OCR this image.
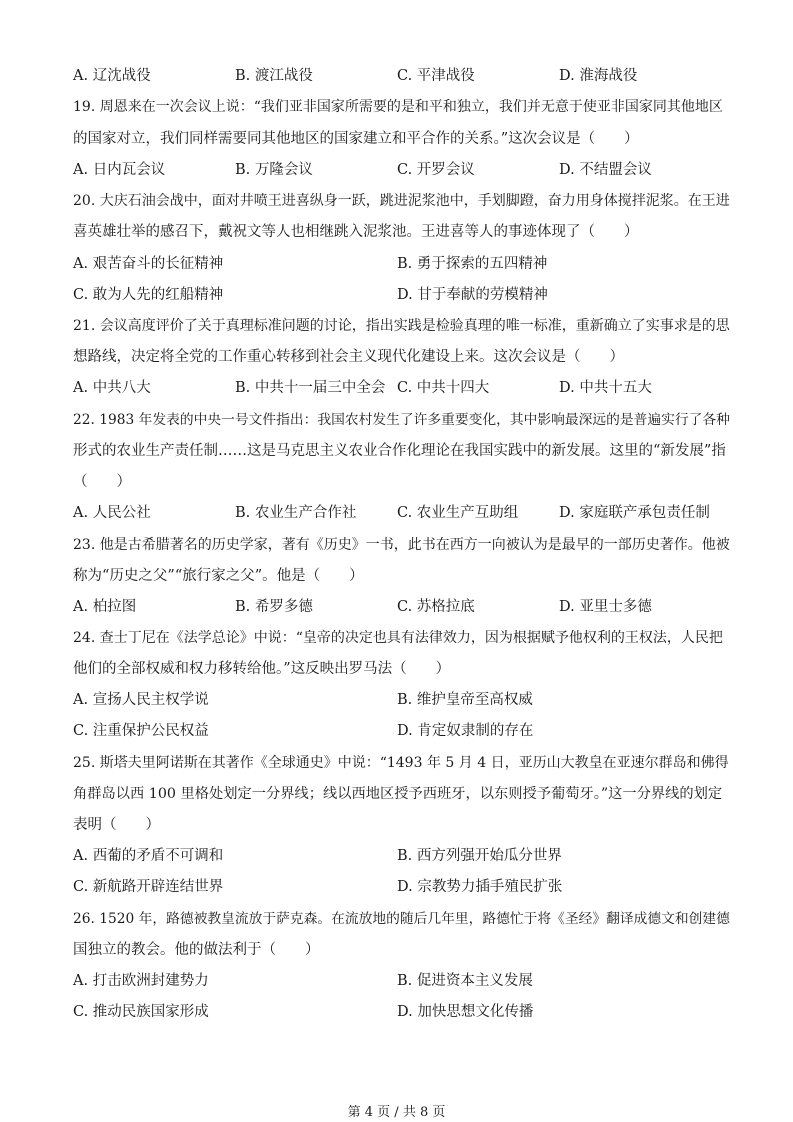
A. 辽沈战役	B. 渡江战役	C. 平津战役	D. 淮海战役
19. 周恩来在一次会议上说：“我们亚非国家所需要的是和平和独立，我们并无意于使亚非国家同其他地区
的国家对立，我们同样需要同其他地区的国家建立和平合作的关系。”这次会议是（　　）
A. 日内瓦会议	B. 万隆会议	C. 开罗会议	D. 不结盟会议
20. 大庆石油会战中，面对井喷王进喜纵身一跃，跳进泥浆池中，手划脚蹬，奋力用身体搅拌泥浆。在王进
喜英雄壮举的感召下，戴祝文等人也相继跳入泥浆池。王进喜等人的事迹体现了（　　）
A. 艰苦奋斗的长征精神	B. 勇于探索的五四精神
C. 敢为人先的红船精神	D. 甘于奉献的劳模精神
21. 会议高度评价了关于真理标准问题的讨论，指出实践是检验真理的唯一标准，重新确立了实事求是的思
想路线，决定将全党的工作重心转移到社会主义现代化建设上来。这次会议是（　　）
A. 中共八大	B. 中共十一届三中全会 C. 中共十四大	D. 中共十五大
22. 1983 年发表的中央一号文件指出：我国农村发生了许多重要变化，其中影响最深远的是普遍实行了各种
形式的农业生产责任制……这是马克思主义农业合作化理论在我国实践中的新发展。这里的“新发展”指
（　　）
A. 人民公社	B. 农业生产合作社	C. 农业生产互助组	D. 家庭联产承包责任制
23. 他是古希腊著名的历史学家，著有《历史》一书，此书在西方一向被认为是最早的一部历史著作。他被
称为“历史之父”“旅行家之父”。他是（　　）
A. 柏拉图	B. 希罗多德	C. 苏格拉底	D. 亚里士多德
24. 查士丁尼在《法学总论》中说：“皇帝的决定也具有法律效力，因为根据赋予他权利的王权法，人民把
他们的全部权威和权力移转给他。”这反映出罗马法（　　）
A. 宣扬人民主权学说	B. 维护皇帝至高权威
C. 注重保护公民权益	D. 肯定奴隶制的存在
25. 斯塔夫里阿诺斯在其著作《全球通史》中说：“1493 年 5 月 4 日，亚历山大教皇在亚速尔群岛和佛得
角群岛以西 100 里格处划定一分界线；线以西地区授予西班牙，以东则授予葡萄牙。”这一分界线的划定
表明（　　）
A. 西葡的矛盾不可调和	B. 西方列强开始瓜分世界
C. 新航路开辟连结世界	D. 宗教势力插手殖民扩张
26. 1520 年，路德被教皇流放于萨克森。在流放地的随后几年里，路德忙于将《圣经》翻译成德文和创建德
国独立的教会。他的做法利于（　　）
A. 打击欧洲封建势力	B. 促进资本主义发展
C. 推动民族国家形成	D. 加快思想文化传播
第 4 页 / 共 8 页
